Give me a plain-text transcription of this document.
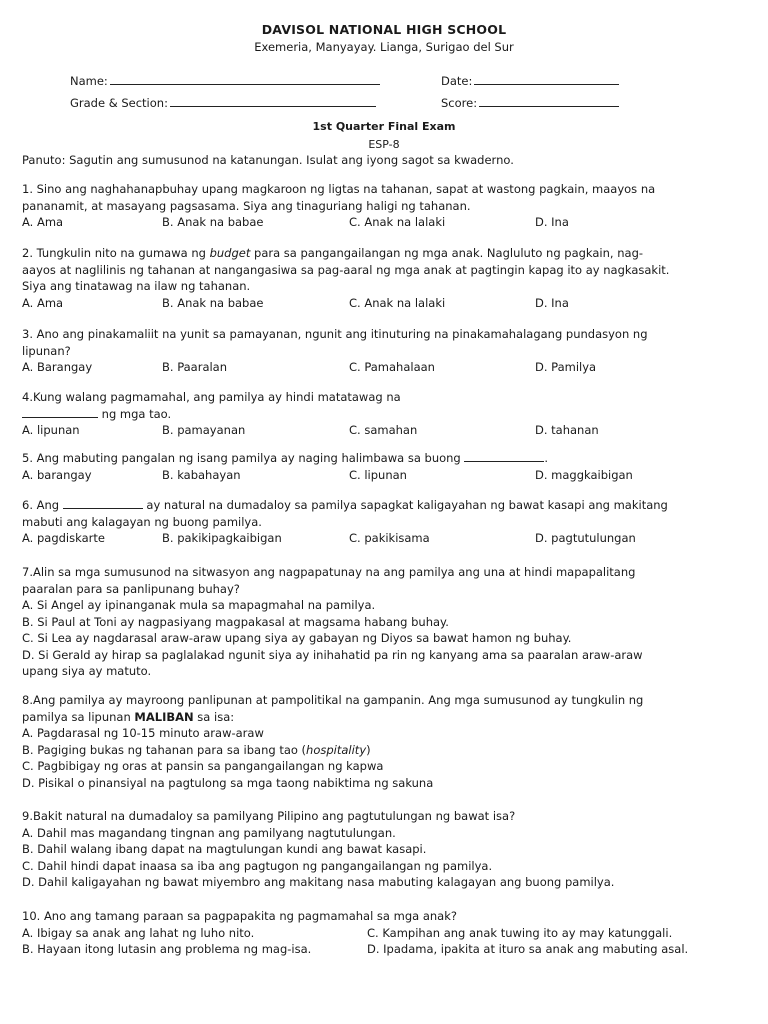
DAVISOL NATIONAL HIGH SCHOOL
Exemeria, Manyayay. Lianga, Surigao del Sur
Name:	Date:
Grade & Section:	Score:
1st Quarter Final Exam
ESP-8
Panuto: Sagutin ang sumusunod na katanungan. Isulat ang iyong sagot sa kwaderno.

1. Sino ang naghahanapbuhay upang magkaroon ng ligtas na tahanan, sapat at wastong pagkain, maayos na

pananamit, at masayang pagsasama. Siya ang tinaguriang haligi ng tahanan.

A. Ama	B. Anak na babae	C. Anak na lalaki	D. Ina

2. Tungkulin nito na gumawa ng budget para sa pangangailangan ng mga anak. Nagluluto ng pagkain, nag-

aayos at naglilinis ng tahanan at nangangasiwa sa pag-aaral ng mga anak at pagtingin kapag ito ay nagkasakit.

Siya ang tinatawag na ilaw ng tahanan.

A. Ama	B. Anak na babae	C. Anak na lalaki	D. Ina

3. Ano ang pinakamaliit na yunit sa pamayanan, ngunit ang itinuturing na pinakamahalagang pundasyon ng

lipunan?

A. Barangay	B. Paaralan	C. Pamahalaan	D. Pamilya

4.Kung walang pagmamahal, ang pamilya ay hindi matatawag na

ng mga tao.

A. lipunan	B. pamayanan	C. samahan	D. tahanan

5. Ang mabuting pangalan ng isang pamilya ay naging halimbawa sa buong	.

A. barangay	B. kabahayan	C. lipunan	D. maggkaibigan

6. Ang	ay natural na dumadaloy sa pamilya sapagkat kaligayahan ng bawat kasapi ang makitang

mabuti ang kalagayan ng buong pamilya.

A. pagdiskarte	B. pakikipagkaibigan	C. pakikisama	D. pagtutulungan

7.Alin sa mga sumusunod na sitwasyon ang nagpapatunay na ang pamilya ang una at hindi mapapalitang

paaralan para sa panlipunang buhay?

A. Si Angel ay ipinanganak mula sa mapagmahal na pamilya.

B. Si Paul at Toni ay nagpasiyang magpakasal at magsama habang buhay.

C. Si Lea ay nagdarasal araw-araw upang siya ay gabayan ng Diyos sa bawat hamon ng buhay.

D. Si Gerald ay hirap sa paglalakad ngunit siya ay inihahatid pa rin ng kanyang ama sa paaralan araw-araw

upang siya ay matuto.

8.Ang pamilya ay mayroong panlipunan at pampolitikal na gampanin. Ang mga sumusunod ay tungkulin ng

pamilya sa lipunan MALIBAN sa isa:

A. Pagdarasal ng 10-15 minuto araw-araw

B. Pagiging bukas ng tahanan para sa ibang tao (hospitality)

C. Pagbibigay ng oras at pansin sa pangangailangan ng kapwa

D. Pisikal o pinansiyal na pagtulong sa mga taong nabiktima ng sakuna

9.Bakit natural na dumadaloy sa pamilyang Pilipino ang pagtutulungan ng bawat isa?

A. Dahil mas magandang tingnan ang pamilyang nagtutulungan.

B. Dahil walang ibang dapat na magtulungan kundi ang bawat kasapi.

C. Dahil hindi dapat inaasa sa iba ang pagtugon ng pangangailangan ng pamilya.

D. Dahil kaligayahan ng bawat miyembro ang makitang nasa mabuting kalagayan ang buong pamilya.

10. Ano ang tamang paraan sa pagpapakita ng pagmamahal sa mga anak?

A. Ibigay sa anak ang lahat ng luho nito.	C. Kampihan ang anak tuwing ito ay may katunggali.
B. Hayaan itong lutasin ang problema ng mag-isa.	D. Ipadama, ipakita at ituro sa anak ang mabuting asal.
